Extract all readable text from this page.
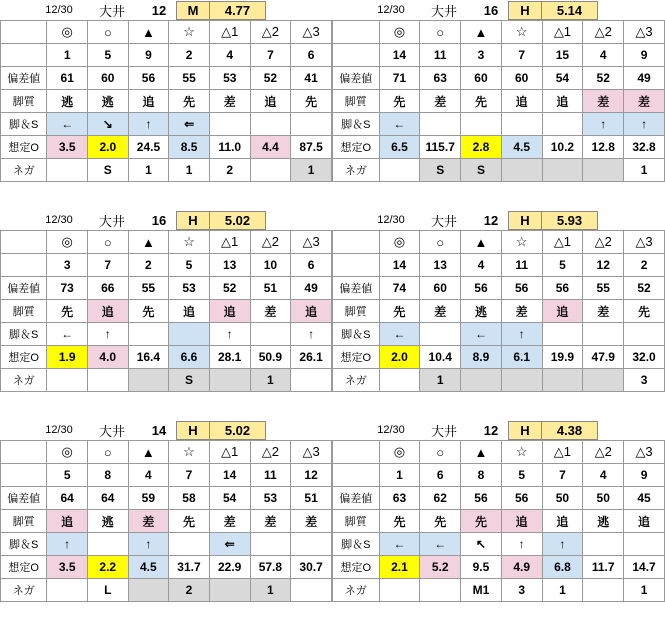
12/30	大井	12	M	4.77
	◎	○	▲	☆	△1	△2	△3
	1	5	9	2	4	7	6
偏差値	61	60	56	55	53	52	41
脚質	逃	逃	追	先	差	追	先
脚＆S	←	↘	↑	⇐			
想定O	3.5	2.0	24.5	8.5	11.0	4.4	87.5
ネガ		S	1	1	2		1
12/30	大井	16	H	5.14
	◎	○	▲	☆	△1	△2	△3
	14	11	3	7	15	4	9
偏差値	71	63	60	60	54	52	49
脚質	先	差	先	追	追	差	差
脚＆S	←					↑	↑
想定O	6.5	115.7	2.8	4.5	10.2	12.8	32.8
ネガ		S	S				1
12/30	大井	16	H	5.02
	◎	○	▲	☆	△1	△2	△3
	3	7	2	5	13	10	6
偏差値	73	66	55	53	52	51	49
脚質	先	追	先	追	追	差	追
脚＆S	←	↑			↑		↑
想定O	1.9	4.0	16.4	6.6	28.1	50.9	26.1
ネガ				S		1	
12/30	大井	12	H	5.93
	◎	○	▲	☆	△1	△2	△3
	14	13	4	11	5	12	2
偏差値	74	60	56	56	56	55	52
脚質	先	差	逃	差	追	差	先
脚＆S	←		←	↑			
想定O	2.0	10.4	8.9	6.1	19.9	47.9	32.0
ネガ		1					3
12/30	大井	14	H	5.02
	◎	○	▲	☆	△1	△2	△3
	5	8	4	7	14	11	12
偏差値	64	64	59	58	54	53	51
脚質	追	逃	差	先	差	差	差
脚＆S	↑		↑		⇐		
想定O	3.5	2.2	4.5	31.7	22.9	57.8	30.7
ネガ		L		2		1	
12/30	大井	12	H	4.38
	◎	○	▲	☆	△1	△2	△3
	1	6	8	5	7	4	9
偏差値	63	62	56	56	50	50	45
脚質	先	先	先	追	追	逃	追
脚＆S	←	←	↖	↑	↑		
想定O	2.1	5.2	9.5	4.9	6.8	11.7	14.7
ネガ			M1	3	1		1
